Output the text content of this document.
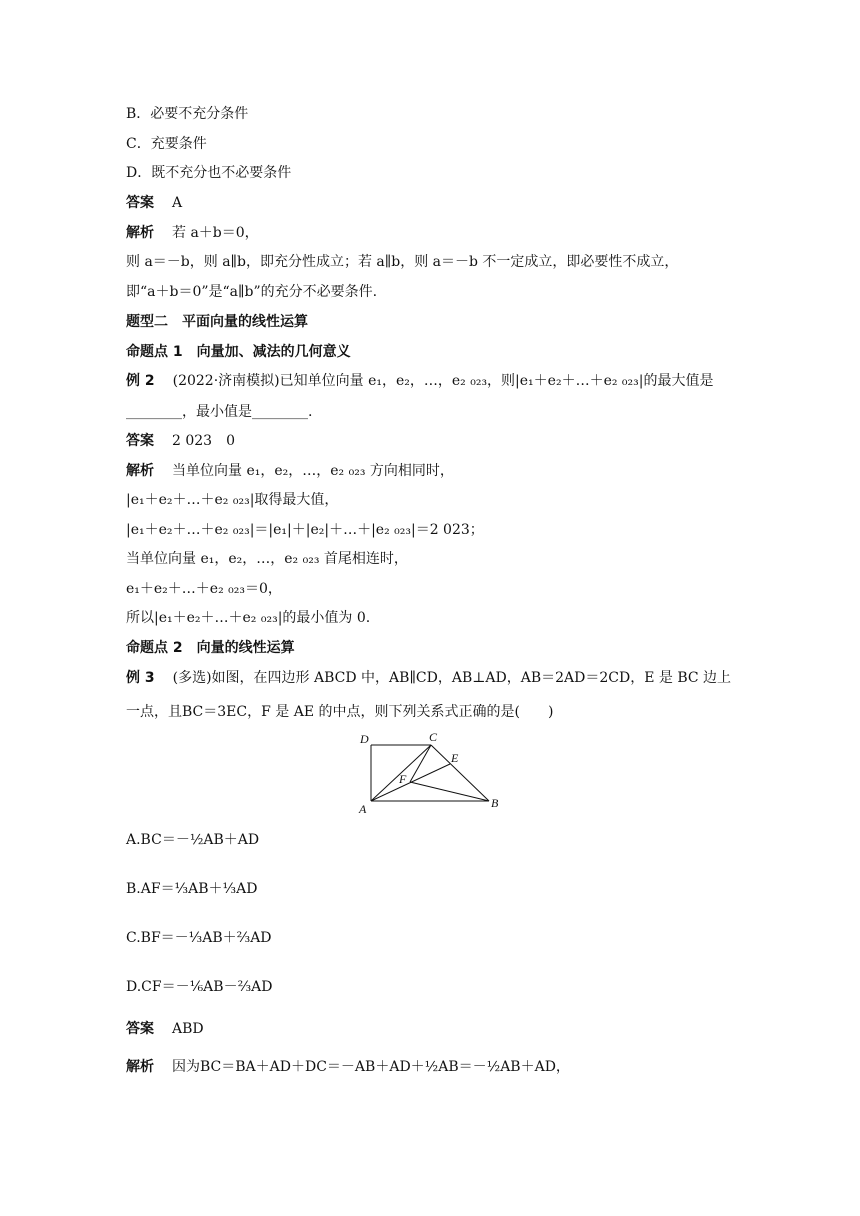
B．必要不充分条件
C．充要条件
D．既不充分也不必要条件
答案 A
解析 若 a＋b＝0，
则 a＝－b，则 a∥b，即充分性成立；若 a∥b，则 a＝－b 不一定成立，即必要性不成立，
即“a＋b＝0”是“a∥b”的充分不必要条件.
题型二　平面向量的线性运算
命题点 1　向量加、减法的几何意义
例 2 (2022·济南模拟)已知单位向量 e₁，e₂，…，e₂ ₀₂₃，则|e₁＋e₂＋…＋e₂ ₀₂₃|的最大值是
________，最小值是________.
答案 2 023　0
解析 当单位向量 e₁，e₂，…，e₂ ₀₂₃ 方向相同时，
|e₁＋e₂＋…＋e₂ ₀₂₃|取得最大值，
|e₁＋e₂＋…＋e₂ ₀₂₃|＝|e₁|＋|e₂|＋…＋|e₂ ₀₂₃|＝2 023；
当单位向量 e₁，e₂，…，e₂ ₀₂₃ 首尾相连时，
e₁＋e₂＋…＋e₂ ₀₂₃＝0，
所以|e₁＋e₂＋…＋e₂ ₀₂₃|的最小值为 0.
命题点 2　向量的线性运算
例 3 (多选)如图，在四边形 ABCD 中，AB∥CD，AB⊥AD，AB＝2AD＝2CD，E 是 BC 边上
一点，且BC＝3EC，F 是 AE 的中点，则下列关系式正确的是(　　)
D	C
E
F
A	B
A.BC＝－½AB＋AD
B.AF＝⅓AB＋⅓AD
C.BF＝－⅓AB＋⅔AD
D.CF＝－⅙AB－⅔AD
答案 ABD
解析 因为BC＝BA＋AD＋DC＝－AB＋AD＋½AB＝－½AB＋AD，
